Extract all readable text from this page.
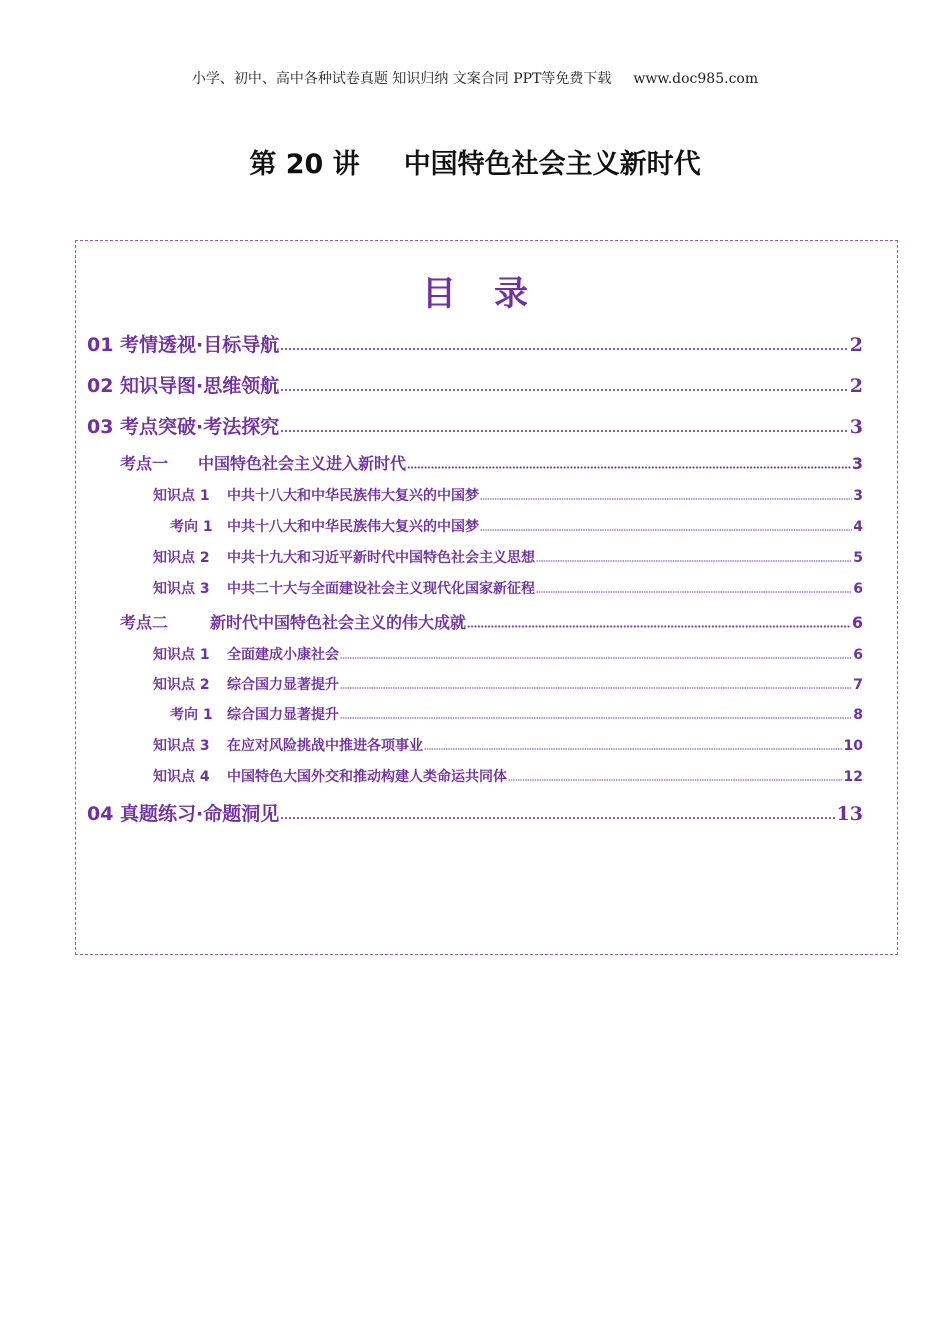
小学、初中、高中各种试卷真题 知识归纳 文案合同 PPT等免费下载 www.doc985.com
第 20 讲 中国特色社会主义新时代
目 录
01 考情透视·目标导航	2
02 知识导图·思维领航	2
03 考点突破·考法探究	3
考点一 中国特色社会主义进入新时代	3
知识点 1	中共十八大和中华民族伟大复兴的中国梦	3
考向 1	中共十八大和中华民族伟大复兴的中国梦	4
知识点 2	中共十九大和习近平新时代中国特色社会主义思想	5
知识点 3	中共二十大与全面建设社会主义现代化国家新征程	6
考点二	新时代中国特色社会主义的伟大成就	6
知识点 1	全面建成小康社会	6
知识点 2	综合国力显著提升	7
考向 1	综合国力显著提升	8
知识点 3	在应对风险挑战中推进各项事业	10
知识点 4	中国特色大国外交和推动构建人类命运共同体	12
04 真题练习·命题洞见	13
